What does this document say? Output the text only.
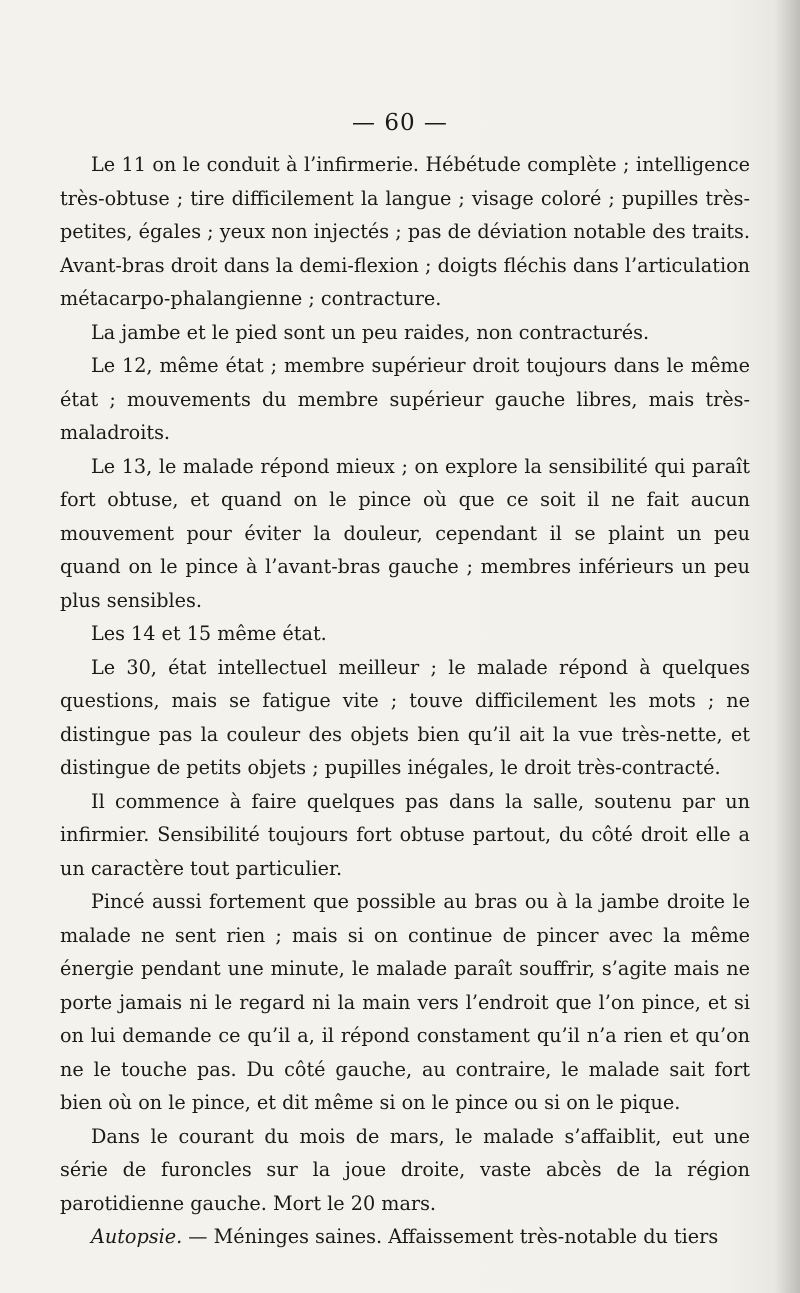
— 60 —

Le 11 on le conduit à l’infirmerie. Hébétude complète ; intelligence très-obtuse ; tire difficilement la langue ; visage coloré ; pupilles très-petites, égales ; yeux non injectés ; pas de déviation notable des traits. Avant-bras droit dans la demi-flexion ; doigts fléchis dans l’articulation métacarpo-phalangienne ; contracture.

La jambe et le pied sont un peu raides, non contracturés.

Le 12, même état ; membre supérieur droit toujours dans le même état ; mouvements du membre supérieur gauche libres, mais très-maladroits.

Le 13, le malade répond mieux ; on explore la sensibilité qui paraît fort obtuse, et quand on le pince où que ce soit il ne fait aucun mouvement pour éviter la douleur, cependant il se plaint un peu quand on le pince à l’avant-bras gauche ; membres inférieurs un peu plus sensibles.

Les 14 et 15 même état.

Le 30, état intellectuel meilleur ; le malade répond à quelques questions, mais se fatigue vite ; touve difficilement les mots ; ne distingue pas la couleur des objets bien qu’il ait la vue très-nette, et distingue de petits objets ; pupilles inégales, le droit très-contracté.

Il commence à faire quelques pas dans la salle, soutenu par un infirmier. Sensibilité toujours fort obtuse partout, du côté droit elle a un caractère tout particulier.

Pincé aussi fortement que possible au bras ou à la jambe droite le malade ne sent rien ; mais si on continue de pincer avec la même énergie pendant une minute, le malade paraît souffrir, s’agite mais ne porte jamais ni le regard ni la main vers l’endroit que l’on pince, et si on lui demande ce qu’il a, il répond constament qu’il n’a rien et qu’on ne le touche pas. Du côté gauche, au contraire, le malade sait fort bien où on le pince, et dit même si on le pince ou si on le pique.

Dans le courant du mois de mars, le malade s’affaiblit, eut une série de furoncles sur la joue droite, vaste abcès de la région parotidienne gauche. Mort le 20 mars.

Autopsie. — Méninges saines. Affaissement très-notable du tiers
